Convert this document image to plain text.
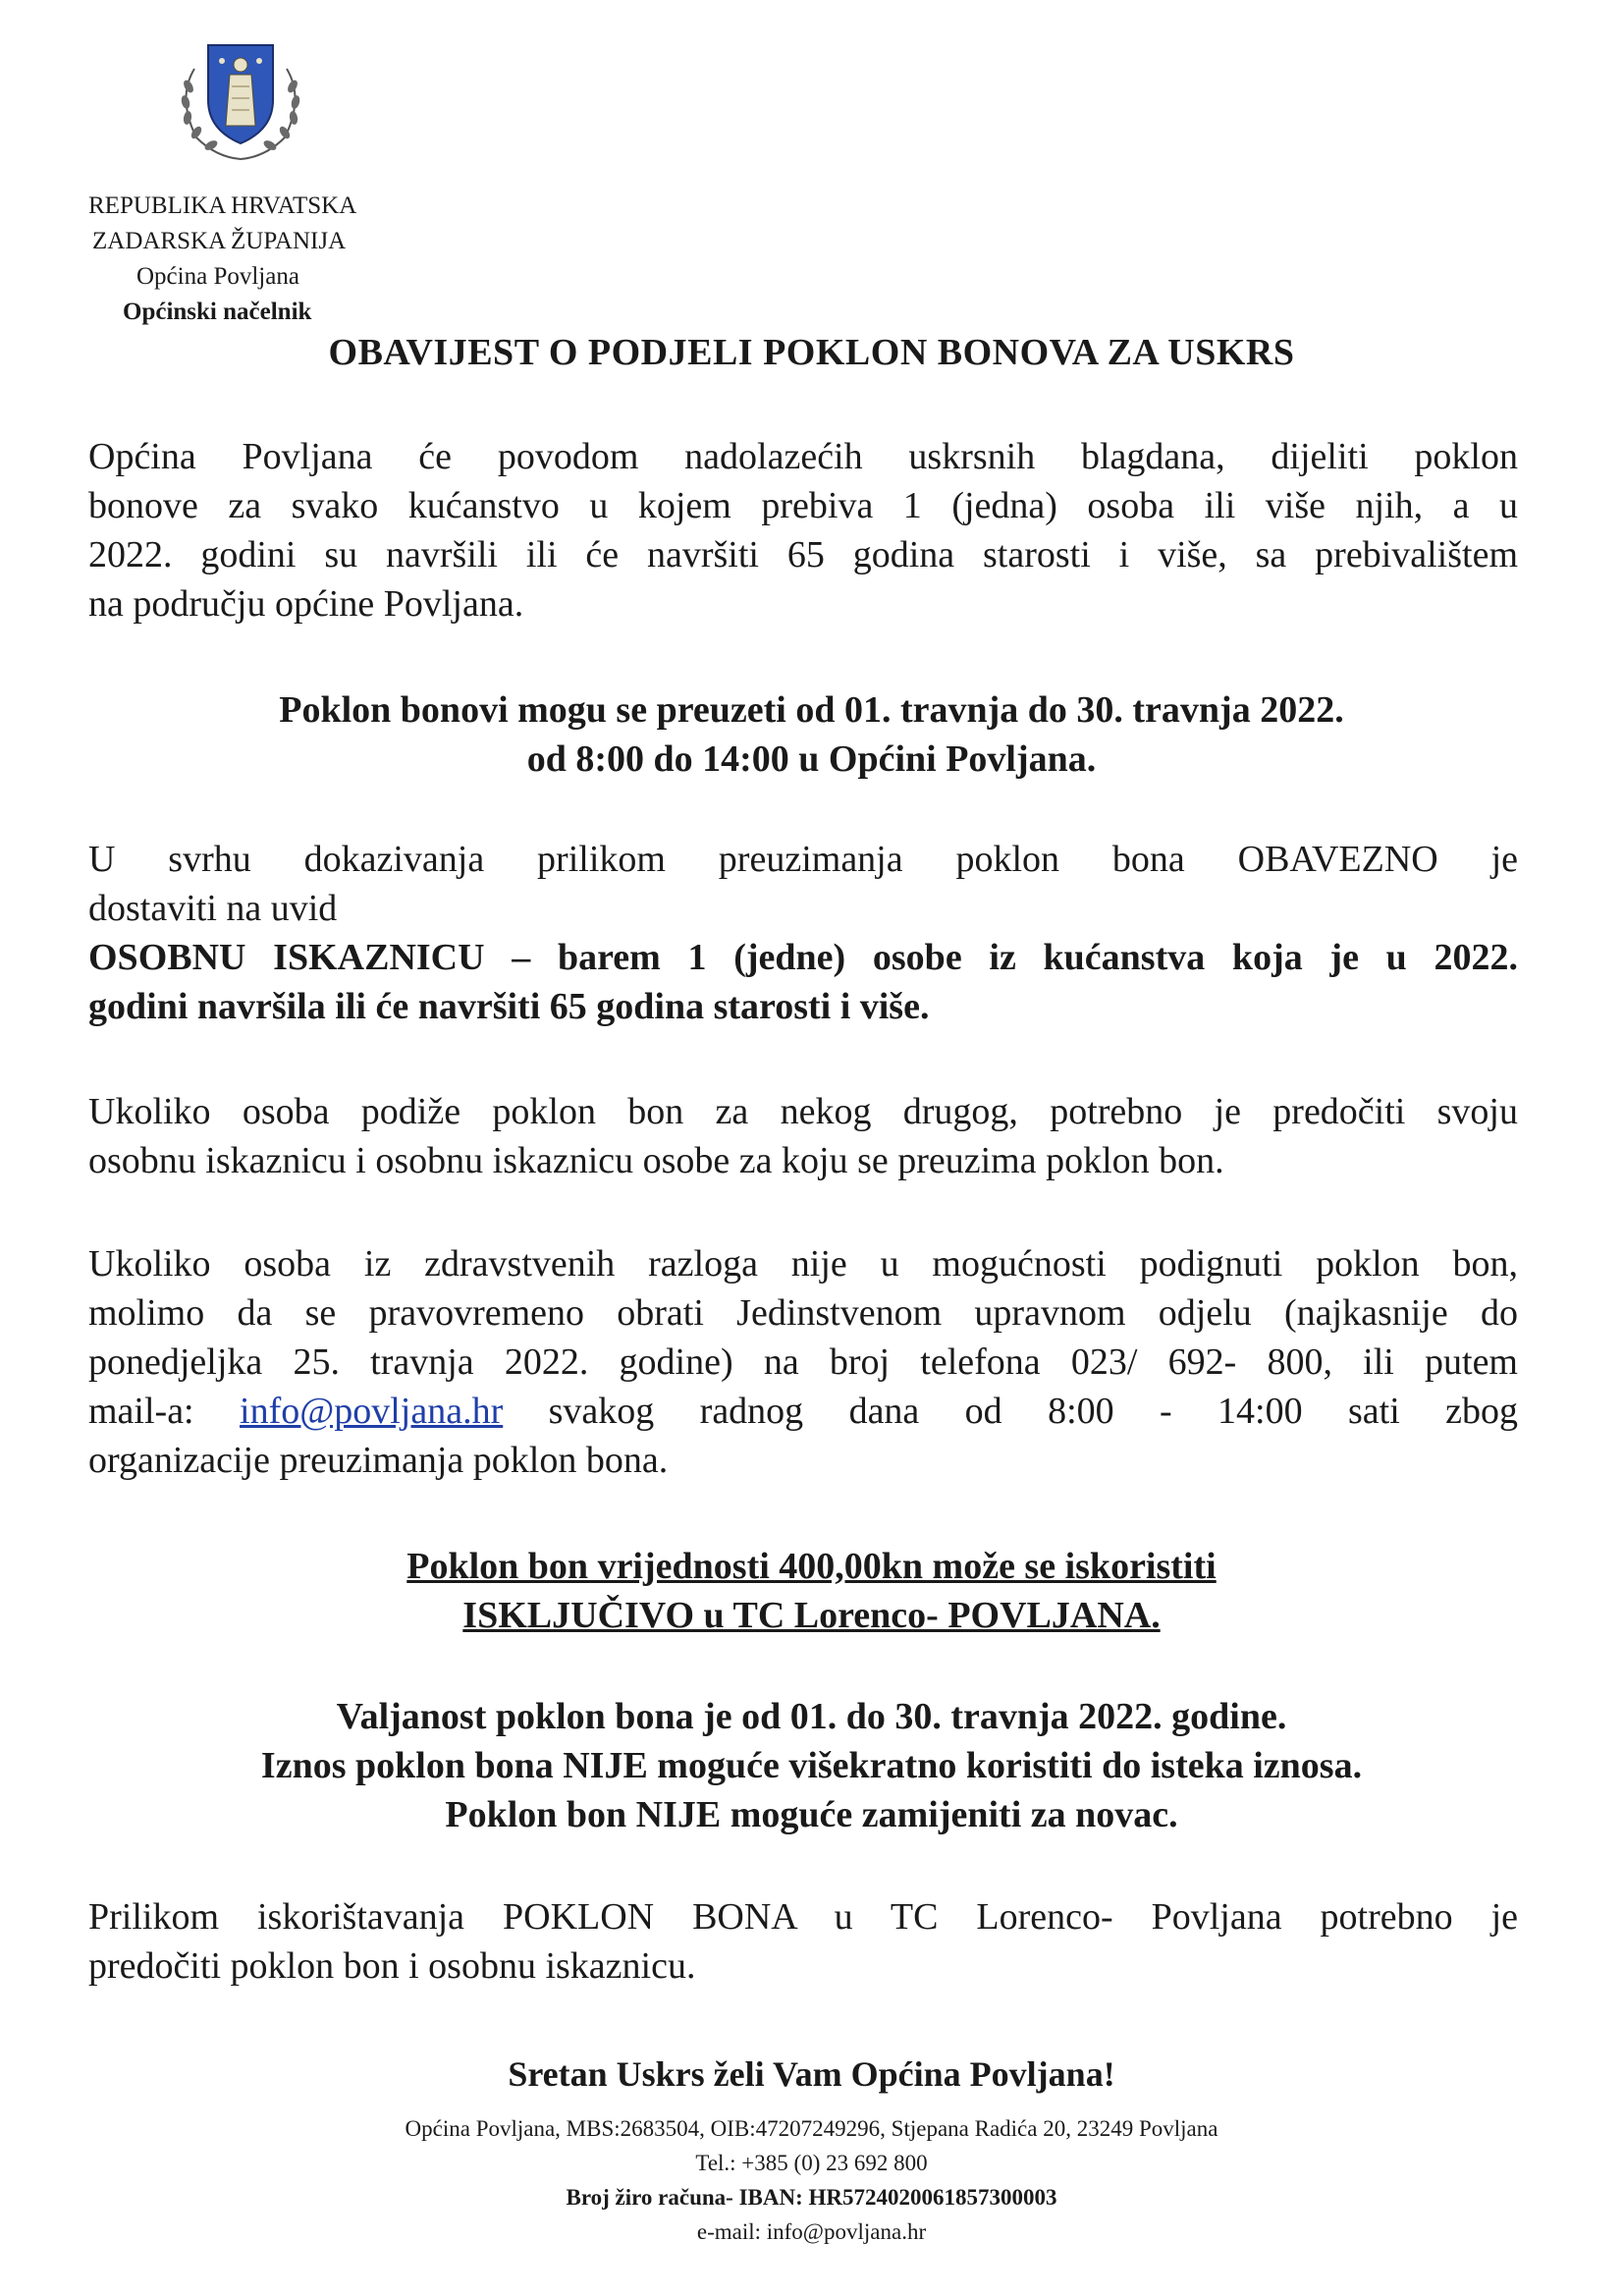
REPUBLIKA HRVATSKA
ZADARSKA ŽUPANIJA
Općina Povljana
Općinski načelnik
OBAVIJEST O PODJELI POKLON BONOVA ZA USKRS
Općina Povljana će povodom nadolazećih uskrsnih blagdana, dijeliti poklon
bonove za svako kućanstvo u kojem prebiva 1 (jedna) osoba ili više njih, a u
2022. godini su navršili ili će navršiti 65 godina starosti i više, sa prebivalištem
na području općine Povljana.
Poklon bonovi mogu se preuzeti od 01. travnja do 30. travnja 2022.
od 8:00 do 14:00 u Općini Povljana.
U svrhu dokazivanja prilikom preuzimanja poklon bona OBAVEZNO je
dostaviti na uvid
OSOBNU ISKAZNICU – barem 1 (jedne) osobe iz kućanstva koja je u 2022.
godini navršila ili će navršiti 65 godina starosti i više.
Ukoliko osoba podiže poklon bon za nekog drugog, potrebno je predočiti svoju
osobnu iskaznicu i osobnu iskaznicu osobe za koju se preuzima poklon bon.
Ukoliko osoba iz zdravstvenih razloga nije u mogućnosti podignuti poklon bon,
molimo da se pravovremeno obrati Jedinstvenom upravnom odjelu (najkasnije do
ponedjeljka 25. travnja 2022. godine) na broj telefona 023/ 692- 800, ili putem
mail-a: info@povljana.hr svakog radnog dana od 8:00 - 14:00 sati zbog
organizacije preuzimanja poklon bona.
Poklon bon vrijednosti 400,00kn može se iskoristiti
ISKLJUČIVO u TC Lorenco- POVLJANA.
Valjanost poklon bona je od 01. do 30. travnja 2022. godine.
Iznos poklon bona NIJE moguće višekratno koristiti do isteka iznosa.
Poklon bon NIJE moguće zamijeniti za novac.
Prilikom iskorištavanja POKLON BONA u TC Lorenco- Povljana potrebno je
predočiti poklon bon i osobnu iskaznicu.
Sretan Uskrs želi Vam Općina Povljana!
Općina Povljana, MBS:2683504, OIB:47207249296, Stjepana Radića 20, 23249 Povljana
Tel.: +385 (0) 23 692 800
Broj žiro računa- IBAN: HR5724020061857300003
e-mail: info@povljana.hr
